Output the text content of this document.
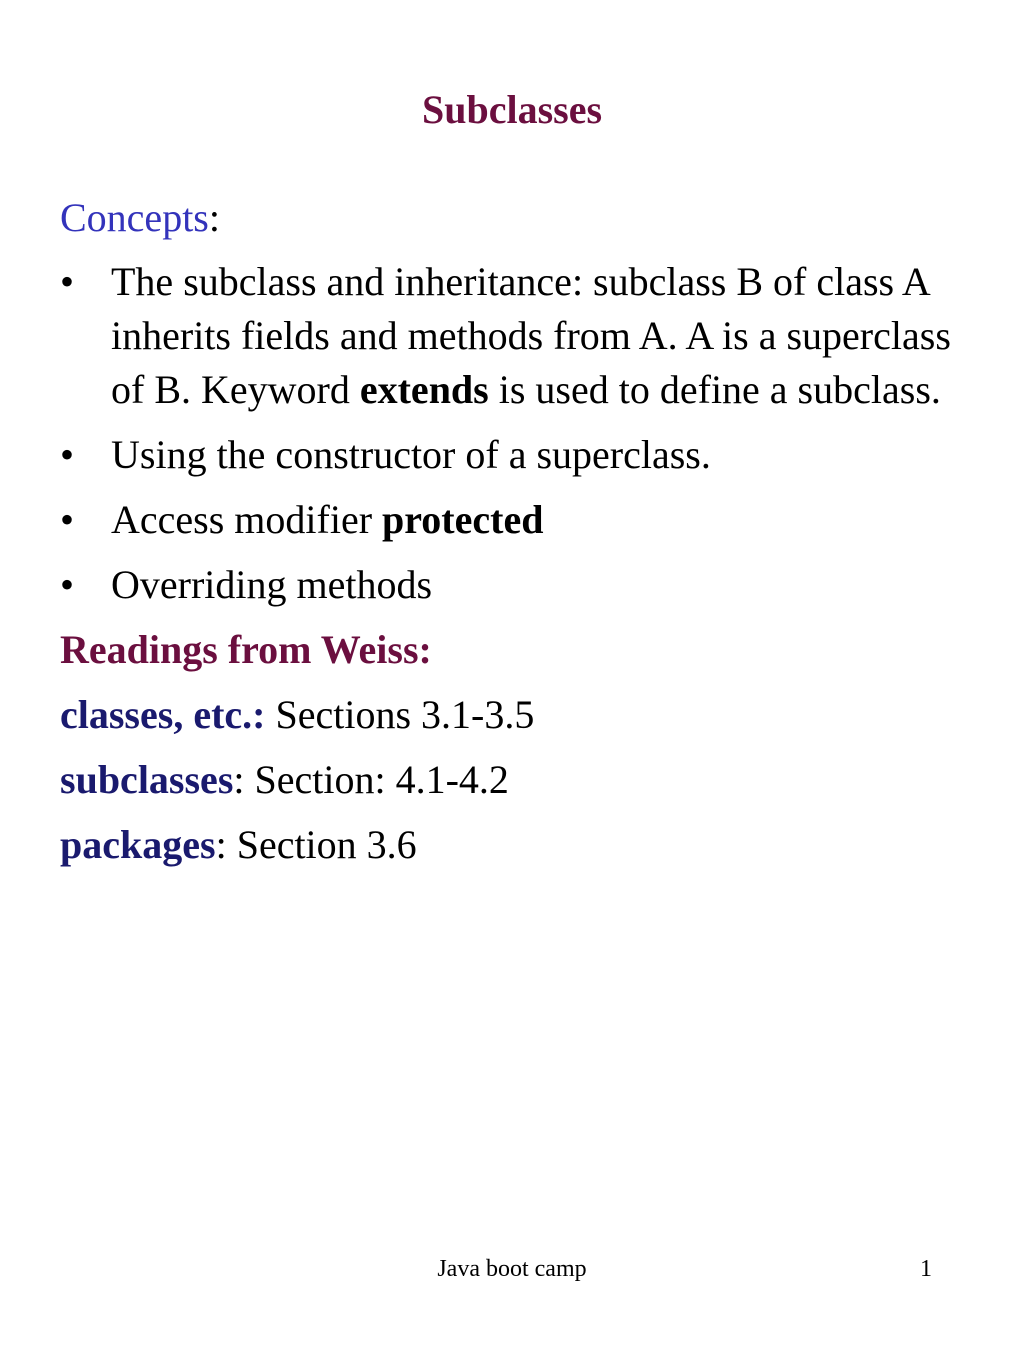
Subclasses

Concepts:

• The subclass and inheritance: subclass B of class A inherits fields and methods from A. A is a superclass of B. Keyword extends is used to define a subclass.
• Using the constructor of a superclass.
• Access modifier protected
• Overriding methods

Readings from Weiss:

classes, etc.: Sections 3.1-3.5

subclasses: Section: 4.1-4.2

packages: Section 3.6

Java boot camp	1
